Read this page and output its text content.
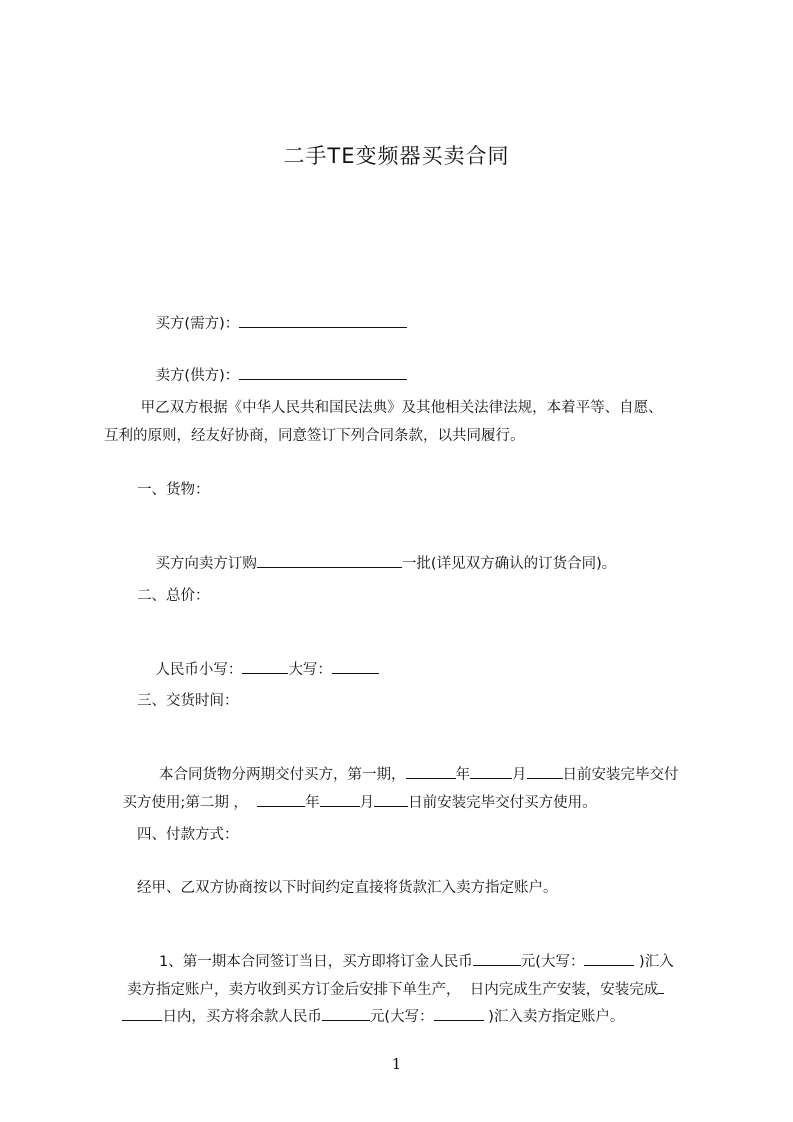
二手TE变频器买卖合同

买方(需方)：

卖方(供方)：

甲乙双方根据《中华人民共和国民法典》及其他相关法律法规，本着平等、自愿、
互利的原则，经友好协商，同意签订下列合同条款，以共同履行。
一、货物：

买方向卖方订购	一批(详见双方确认的订货合同)。

二、总价：

人民币小写：	大写：

三、交货时间：

本合同货物分两期交付买方，第一期，	年	月 日前安装完毕交付

买方使用;第二期 ，	年	月 日前安装完毕交付买方使用。

四、付款方式：
经甲、乙双方协商按以下时间约定直接将货款汇入卖方指定账户。

1、第一期本合同签订当日，买方即将订金人民币	元(大写：	)汇入

卖方指定账户，卖方收到买方订金后安排下单生产，  日内完成生产安装，安装完成

日内，买方将余款人民币	元(大写：	)汇入卖方指定账户。

1
